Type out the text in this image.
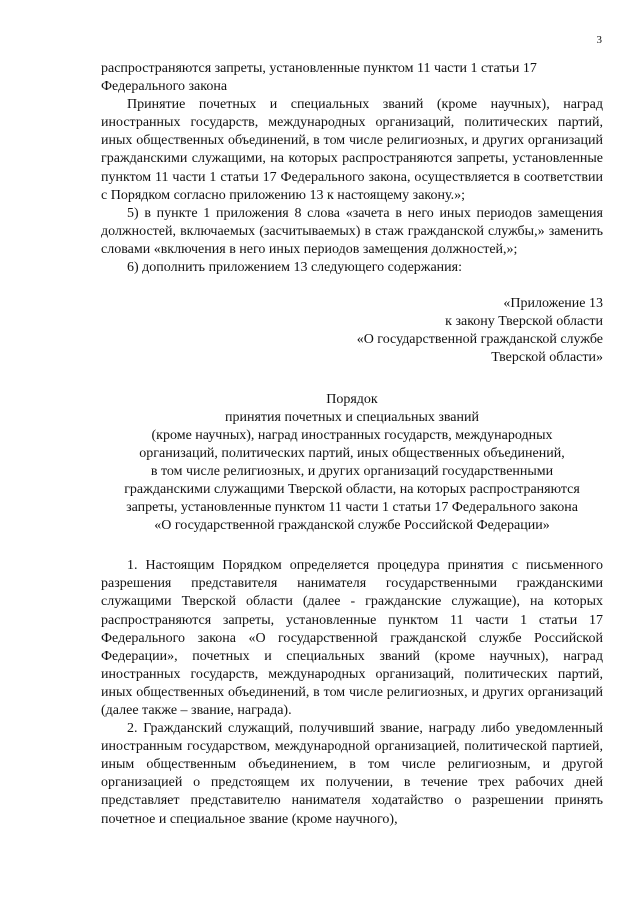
3

распространяются запреты, установленные пунктом 11 части 1 статьи 17 Федерального закона

Принятие почетных и специальных званий (кроме научных), наград иностранных государств, международных организаций, политических партий, иных общественных объединений, в том числе религиозных, и других организаций гражданскими служащими, на которых распространяются запреты, установленные пунктом 11 части 1 статьи 17 Федерального закона, осуществляется в соответствии с Порядком согласно приложению 13 к настоящему закону.»;

5) в пункте 1 приложения 8 слова «зачета в него иных периодов замещения должностей, включаемых (засчитываемых) в стаж гражданской службы,» заменить словами «включения в него иных периодов замещения должностей,»;

6) дополнить приложением 13 следующего содержания:

«Приложение 13
к закону Тверской области
«О государственной гражданской службе
Тверской области»
Порядок
принятия почетных и специальных званий
(кроме научных), наград иностранных государств, международных
организаций, политических партий, иных общественных объединений,
в том числе религиозных, и других организаций государственными
гражданскими служащими Тверской области, на которых распространяются
запреты, установленные пунктом 11 части 1 статьи 17 Федерального закона
«О государственной гражданской службе Российской Федерации»

1. Настоящим Порядком определяется процедура принятия с письменного разрешения представителя нанимателя государственными гражданскими служащими Тверской области (далее - гражданские служащие), на которых распространяются запреты, установленные пунктом 11 части 1 статьи 17 Федерального закона «О государственной гражданской службе Российской Федерации», почетных и специальных званий (кроме научных), наград иностранных государств, международных организаций, политических партий, иных общественных объединений, в том числе религиозных, и других организаций (далее также – звание, награда).

2. Гражданский служащий, получивший звание, награду либо уведомленный иностранным государством, международной организацией, политической партией, иным общественным объединением, в том числе религиозным, и другой организацией о предстоящем их получении, в течение трех рабочих дней представляет представителю нанимателя ходатайство о разрешении принять почетное и специальное звание (кроме научного),
